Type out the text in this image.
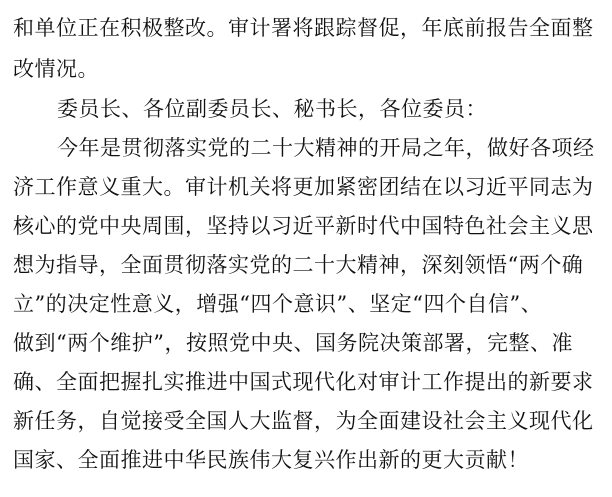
和单位正在积极整改。审计署将跟踪督促，年底前报告全面整
改情况。
委员长、各位副委员长、秘书长，各位委员：
今年是贯彻落实党的二十大精神的开局之年，做好各项经
济工作意义重大。审计机关将更加紧密团结在以习近平同志为
核心的党中央周围，坚持以习近平新时代中国特色社会主义思
想为指导，全面贯彻落实党的二十大精神，深刻领悟“两个确
立”的决定性意义，增强“四个意识”、坚定“四个自信”、
做到“两个维护”，按照党中央、国务院决策部署，完整、准
确、全面把握扎实推进中国式现代化对审计工作提出的新要求
新任务，自觉接受全国人大监督，为全面建设社会主义现代化
国家、全面推进中华民族伟大复兴作出新的更大贡献！
